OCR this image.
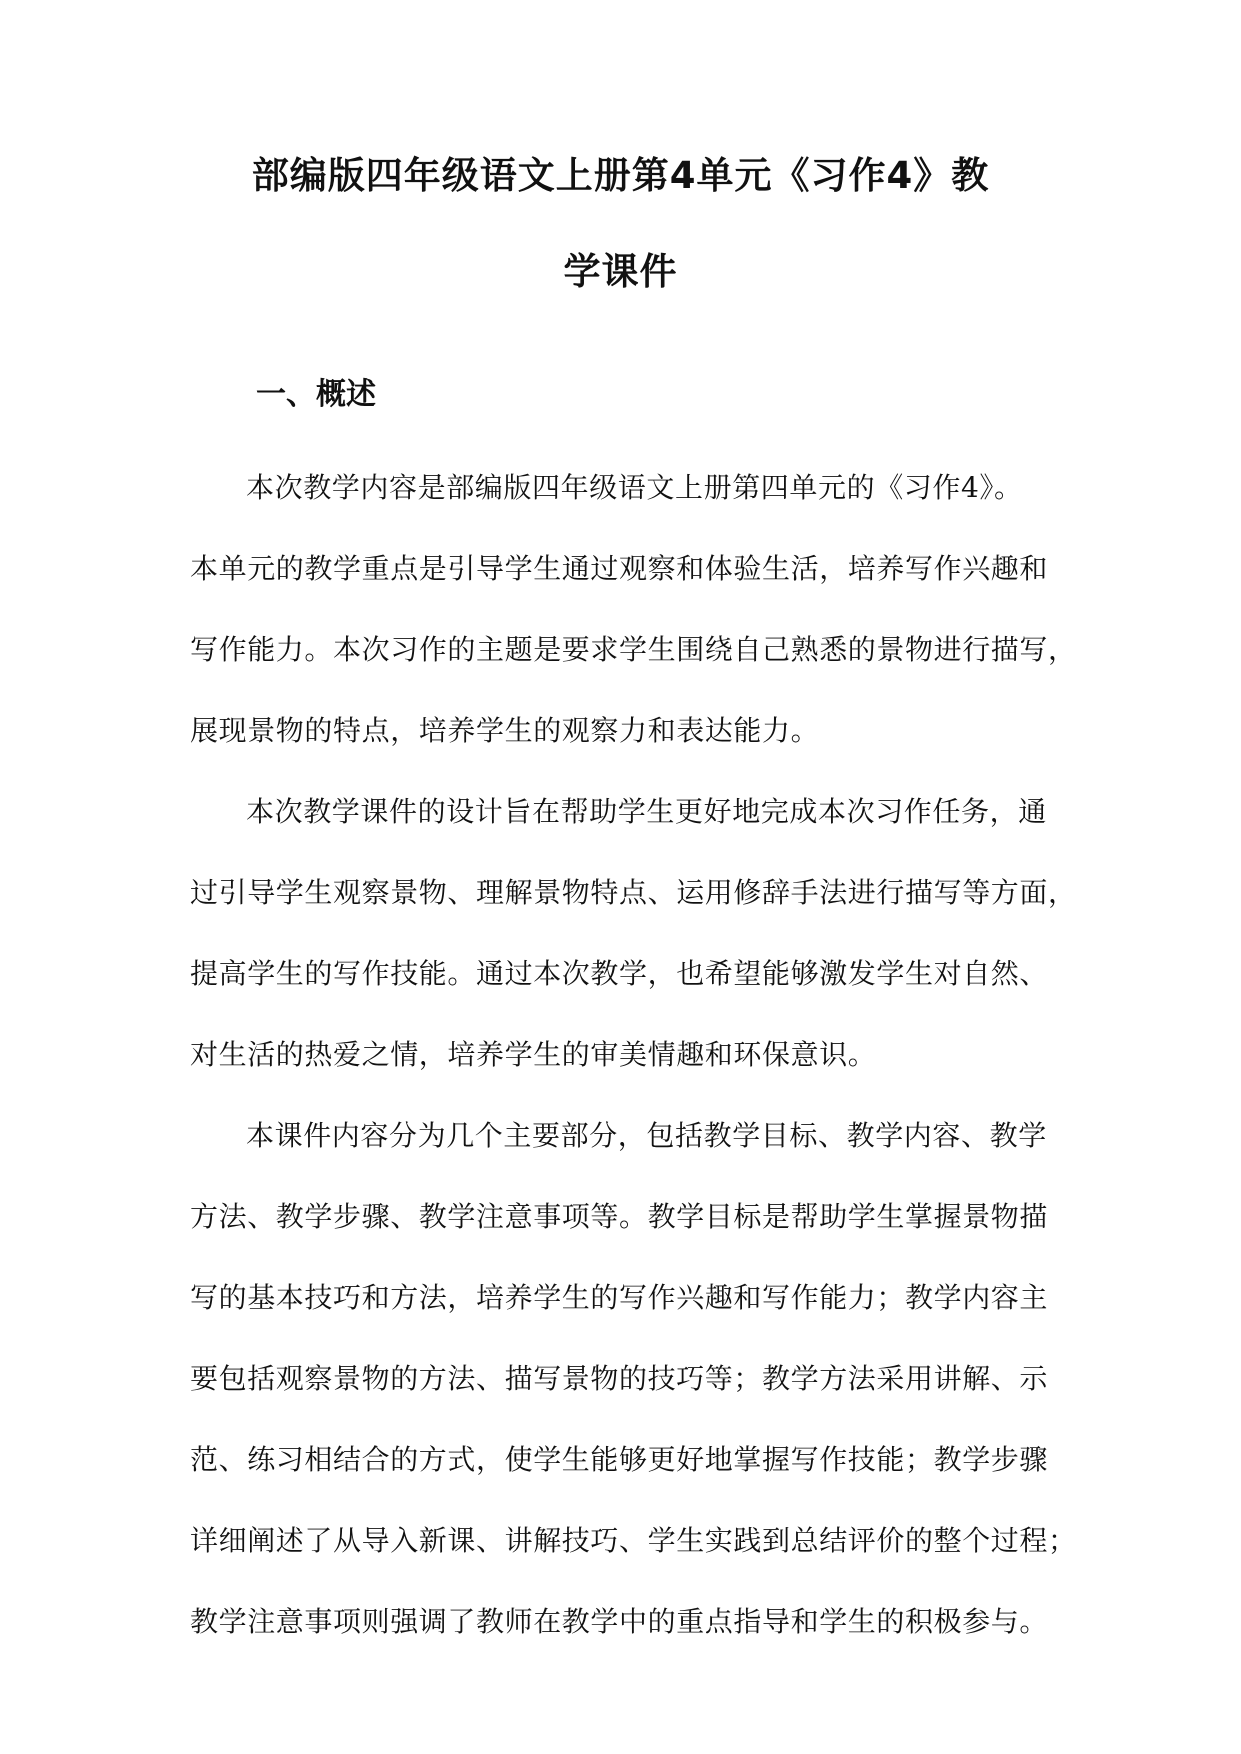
部编版四年级语文上册第4单元《习作4》教
学课件
一、概述
本次教学内容是部编版四年级语文上册第四单元的《习作4》。
本单元的教学重点是引导学生通过观察和体验生活，培养写作兴趣和
写作能力。本次习作的主题是要求学生围绕自己熟悉的景物进行描写，
展现景物的特点，培养学生的观察力和表达能力。
本次教学课件的设计旨在帮助学生更好地完成本次习作任务，通
过引导学生观察景物、理解景物特点、运用修辞手法进行描写等方面，
提高学生的写作技能。通过本次教学，也希望能够激发学生对自然、
对生活的热爱之情，培养学生的审美情趣和环保意识。
本课件内容分为几个主要部分，包括教学目标、教学内容、教学
方法、教学步骤、教学注意事项等。教学目标是帮助学生掌握景物描
写的基本技巧和方法，培养学生的写作兴趣和写作能力；教学内容主
要包括观察景物的方法、描写景物的技巧等；教学方法采用讲解、示
范、练习相结合的方式，使学生能够更好地掌握写作技能；教学步骤
详细阐述了从导入新课、讲解技巧、学生实践到总结评价的整个过程；
教学注意事项则强调了教师在教学中的重点指导和学生的积极参与。
